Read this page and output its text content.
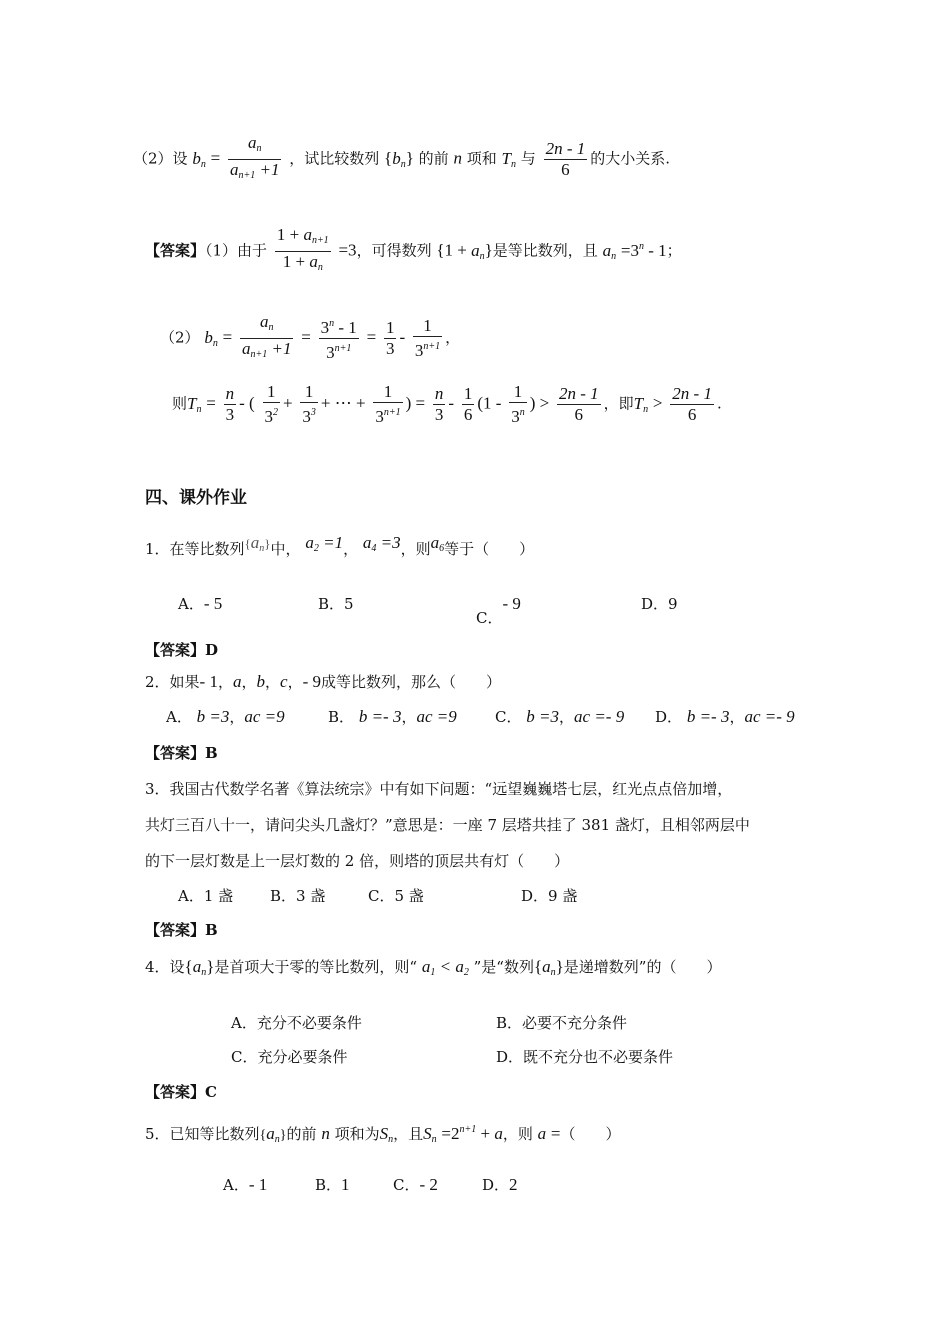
（2）设 bn = $\frac{an}{an+1 +1}$ ，试比较数列 {bn} 的前 n 项和 Tn 与 $\frac{2n - 1}{6}$ 的大小关系.
【答案】（1）由于 $\frac{1 + an+1}{1 + an} =3$，可得数列 {1 + an}是等比数列，且 an $=3^n - 1$；
（2） bn = $\frac{an}{an+1 +1} = \frac{3^n - 1}{3^{n+1}} = \frac{1}{3} - \frac{1}{3^{n+1}}$ ，
则$Tn = \frac{n}{3}$ - ( $\frac{1}{3^2} + \frac{1}{3^3}$ + ⋯ + $\frac{1}{3^{n+1}}$ ) = $\frac{n}{3} - \frac{1}{6} (1 - \frac{1}{3^n}$ ) > $\frac{2n - 1}{6}$ ，即$Tn > \frac{2n - 1}{6}$ .
四、课外作业
1．在等比数列{an}中， a2 =1， a4 =3，则a6等于（　　）
A．- 5	B．5
C．- 9	D．9
【答案】D
2．如果- 1，a，b，c，- 9成等比数列，那么（　　）
A． b =3，ac =9	B． b =- 3，ac =9	C． b =3，ac =- 9 D． b =- 3，ac =- 9
【答案】B
3．我国古代数学名著《算法统宗》中有如下问题：“远望巍巍塔七层，红光点点倍加增，
共灯三百八十一，请问尖头几盏灯？”意思是：一座 7 层塔共挂了 381 盏灯，且相邻两层中
的下一层灯数是上一层灯数的 2 倍，则塔的顶层共有灯（　　）
A．1 盏 B．3 盏	C．5 盏	D．9 盏
【答案】B
4．设{an}是首项大于零的等比数列，则“ a1 < a2 ”是“数列{an}是递增数列”的（　　）
A．充分不必要条件	B．必要不充分条件
C．充分必要条件	D．既不充分也不必要条件
【答案】C
5．已知等比数列{an}的前 n 项和为Sn，且$Sn =2^{n+1} + a$，则 a =（　　）
A．- 1	B．1	C．- 2	D．2
